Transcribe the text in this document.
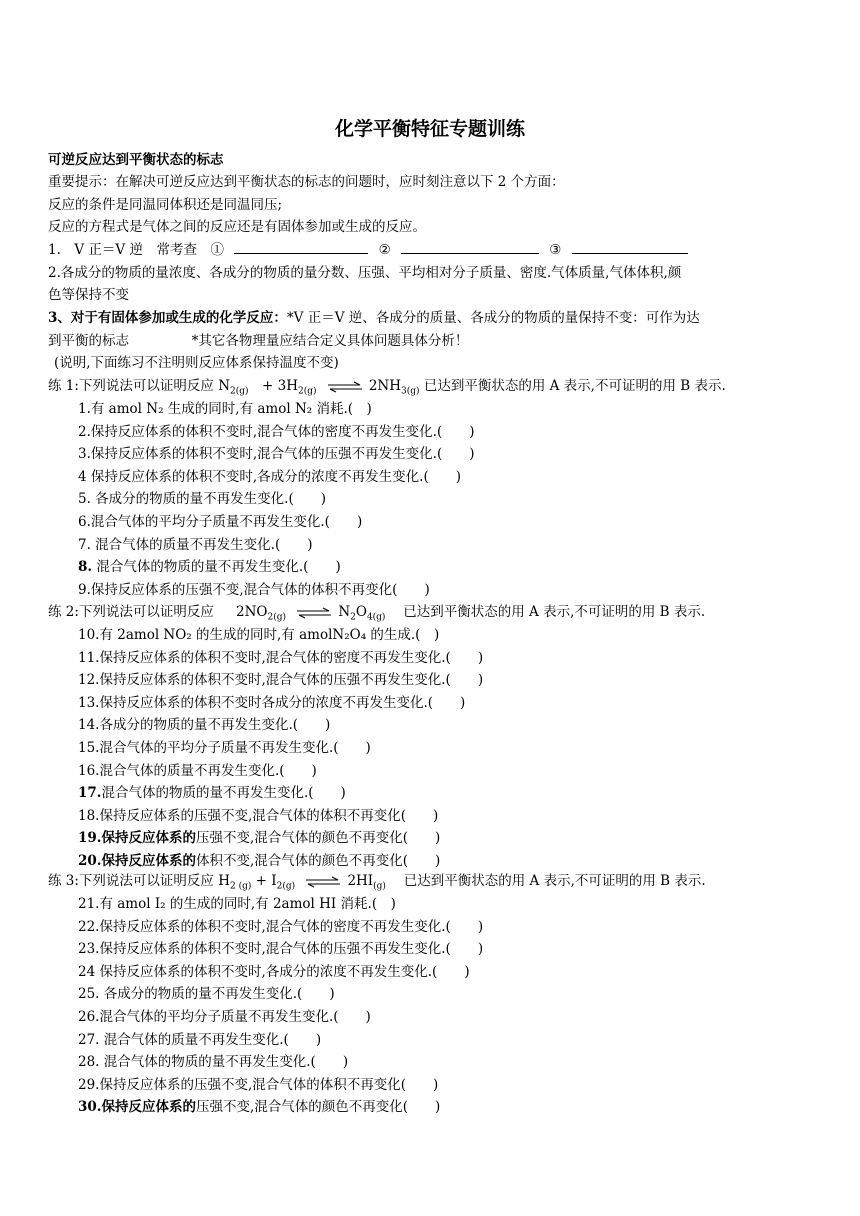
化学平衡特征专题训练
可逆反应达到平衡状态的标志
重要提示：在解决可逆反应达到平衡状态的标志的问题时，应时刻注意以下 2 个方面：
反应的条件是同温同体积还是同温同压;
反应的方程式是气体之间的反应还是有固体参加或生成的反应。
1.　V 正＝V 逆　常考查　①	②	③
2.各成分的物质的量浓度、各成分的物质的量分数、压强、平均相对分子质量、密度.气体质量,气体体积,颜
色等保持不变
3、对于有固体参加或生成的化学反应：*V 正＝V 逆、各成分的质量、各成分的物质的量保持不变：可作为达
到平衡的标志	*其它各物理量应结合定义具体问题具体分析！
(说明,下面练习不注明则反应体系保持温度不变)
练 1:下列说法可以证明反应 $N_{2(g)}$　+ $3H_{2(g)}$ ⇌ $2NH_{3(g)}$ 已达到平衡状态的用 A 表示,不可证明的用 B 表示.
1.有 amol N₂ 生成的同时,有 amol N₂ 消耗.(　)
2.保持反应体系的体积不变时,混合气体的密度不再发生变化.(　　)
3.保持反应体系的体积不变时,混合气体的压强不再发生变化.(　　)
4 保持反应体系的体积不变时,各成分的浓度不再发生变化.(　　)
5. 各成分的物质的量不再发生变化.(　　)
6.混合气体的平均分子质量不再发生变化.(　　)
7. 混合气体的质量不再发生变化.(　　)
8. 混合气体的物质的量不再发生变化.(　　)
9.保持反应体系的压强不变,混合气体的体积不再变化(　　)
练 2:下列说法可以证明反应 　 $2NO_{2(g)}$ ⇌ $N_2O_{4(g)}$　 已达到平衡状态的用 A 表示,不可证明的用 B 表示.
10.有 2amol NO₂ 的生成的同时,有 amolN₂O₄ 的生成.(　)
11.保持反应体系的体积不变时,混合气体的密度不再发生变化.(　　)
12.保持反应体系的体积不变时,混合气体的压强不再发生变化.(　　)
13.保持反应体系的体积不变时各成分的浓度不再发生变化.(　　)
14.各成分的物质的量不再发生变化.(　　)
15.混合气体的平均分子质量不再发生变化.(　　)
16.混合气体的质量不再发生变化.(　　)
17.混合气体的物质的量不再发生变化.(　　)
18.保持反应体系的压强不变,混合气体的体积不再变化(　　)
19.保持反应体系的压强不变,混合气体的颜色不再变化(　　)
20.保持反应体系的体积不变,混合气体的颜色不再变化(　　)
练 3:下列说法可以证明反应 $H_{2 (g)} + I_{2(g)}$ ⇌ $2HI_{(g)}$　 已达到平衡状态的用 A 表示,不可证明的用 B 表示.
21.有 amol I₂ 的生成的同时,有 2amol HI 消耗.(　)
22.保持反应体系的体积不变时,混合气体的密度不再发生变化.(　　)
23.保持反应体系的体积不变时,混合气体的压强不再发生变化.(　　)
24 保持反应体系的体积不变时,各成分的浓度不再发生变化.(　　)
25. 各成分的物质的量不再发生变化.(　　)
26.混合气体的平均分子质量不再发生变化.(　　)
27. 混合气体的质量不再发生变化.(　　)
28. 混合气体的物质的量不再发生变化.(　　)
29.保持反应体系的压强不变,混合气体的体积不再变化(　　)
30.保持反应体系的压强不变,混合气体的颜色不再变化(　　)
